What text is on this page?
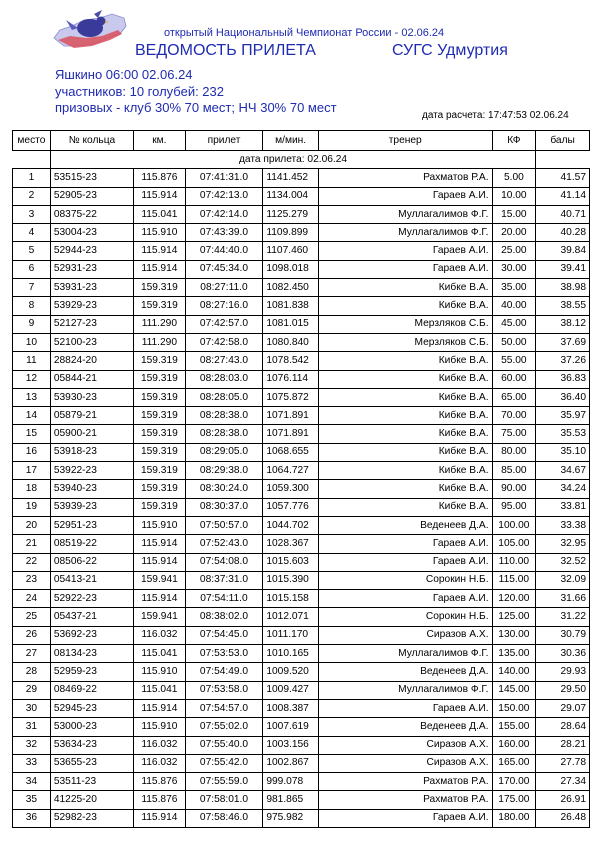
открытый Национальный Чемпионат России - 02.06.24
ВЕДОМОСТЬ ПРИЛЕТА	СУГС Удмуртия
Яшкино 06:00 02.06.24
участников: 10 голубей: 232
призовых - клуб 30% 70 мест; НЧ 30% 70 мест
дата расчета: 17:47:53 02.06.24
место	№ кольца	км.	прилет	м/мин.	тренер	КФ	балы
	дата прилета: 02.06.24						
1	53515-23	115.876	07:41:31.0	1141.452	Рахматов Р.А.	5.00	41.57
2	52905-23	115.914	07:42:13.0	1134.004	Гараев А.И.	10.00	41.14
3	08375-22	115.041	07:42:14.0	1125.279	Муллагалимов Ф.Г.	15.00	40.71
4	53004-23	115.910	07:43:39.0	1109.899	Муллагалимов Ф.Г.	20.00	40.28
5	52944-23	115.914	07:44:40.0	1107.460	Гараев А.И.	25.00	39.84
6	52931-23	115.914	07:45:34.0	1098.018	Гараев А.И.	30.00	39.41
7	53931-23	159.319	08:27:11.0	1082.450	Кибке В.А.	35.00	38.98
8	53929-23	159.319	08:27:16.0	1081.838	Кибке В.А.	40.00	38.55
9	52127-23	111.290	07:42:57.0	1081.015	Мерзляков С.Б.	45.00	38.12
10	52100-23	111.290	07:42:58.0	1080.840	Мерзляков С.Б.	50.00	37.69
11	28824-20	159.319	08:27:43.0	1078.542	Кибке В.А.	55.00	37.26
12	05844-21	159.319	08:28:03.0	1076.114	Кибке В.А.	60.00	36.83
13	53930-23	159.319	08:28:05.0	1075.872	Кибке В.А.	65.00	36.40
14	05879-21	159.319	08:28:38.0	1071.891	Кибке В.А.	70.00	35.97
15	05900-21	159.319	08:28:38.0	1071.891	Кибке В.А.	75.00	35.53
16	53918-23	159.319	08:29:05.0	1068.655	Кибке В.А.	80.00	35.10
17	53922-23	159.319	08:29:38.0	1064.727	Кибке В.А.	85.00	34.67
18	53940-23	159.319	08:30:24.0	1059.300	Кибке В.А.	90.00	34.24
19	53939-23	159.319	08:30:37.0	1057.776	Кибке В.А.	95.00	33.81
20	52951-23	115.910	07:50:57.0	1044.702	Веденеев Д.А.	100.00	33.38
21	08519-22	115.914	07:52:43.0	1028.367	Гараев А.И.	105.00	32.95
22	08506-22	115.914	07:54:08.0	1015.603	Гараев А.И.	110.00	32.52
23	05413-21	159.941	08:37:31.0	1015.390	Сорокин Н.Б.	115.00	32.09
24	52922-23	115.914	07:54:11.0	1015.158	Гараев А.И.	120.00	31.66
25	05437-21	159.941	08:38:02.0	1012.071	Сорокин Н.Б.	125.00	31.22
26	53692-23	116.032	07:54:45.0	1011.170	Сиразов А.Х.	130.00	30.79
27	08134-23	115.041	07:53:53.0	1010.165	Муллагалимов Ф.Г.	135.00	30.36
28	52959-23	115.910	07:54:49.0	1009.520	Веденеев Д.А.	140.00	29.93
29	08469-22	115.041	07:53:58.0	1009.427	Муллагалимов Ф.Г.	145.00	29.50
30	52945-23	115.914	07:54:57.0	1008.387	Гараев А.И.	150.00	29.07
31	53000-23	115.910	07:55:02.0	1007.619	Веденеев Д.А.	155.00	28.64
32	53634-23	116.032	07:55:40.0	1003.156	Сиразов А.Х.	160.00	28.21
33	53655-23	116.032	07:55:42.0	1002.867	Сиразов А.Х.	165.00	27.78
34	53511-23	115.876	07:55:59.0	999.078	Рахматов Р.А.	170.00	27.34
35	41225-20	115.876	07:58:01.0	981.865	Рахматов Р.А.	175.00	26.91
36	52982-23	115.914	07:58:46.0	975.982	Гараев А.И.	180.00	26.48
